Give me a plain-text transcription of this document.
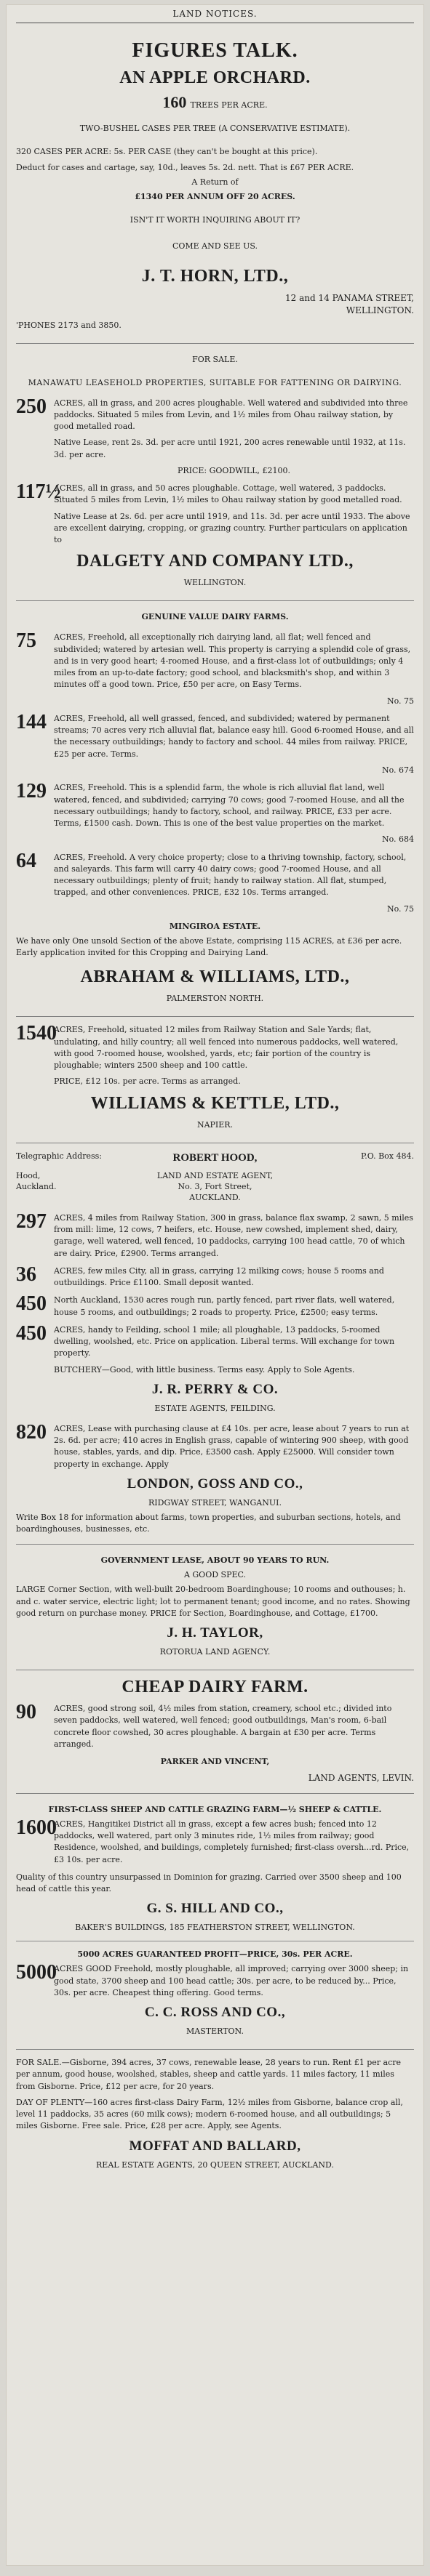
LAND NOTICES.
FIGURES TALK.
AN APPLE ORCHARD.
160 TREES PER ACRE.
TWO-BUSHEL CASES PER TREE (A CONSERVATIVE ESTIMATE).

320 CASES PER ACRE: 5s. PER CASE (they can't be bought at this price).

Deduct for cases and cartage, say, 10d., leaves 5s. 2d. nett. That is £67 PER ACRE.

A Return of
£1340 PER ANNUM OFF 20 ACRES.
ISN'T IT WORTH INQUIRING ABOUT IT?
COME AND SEE US.
J. T. HORN, LTD.,
12 and 14 PANAMA STREET,
WELLINGTON.
'PHONES 2173 and 3850.
FOR SALE.
MANAWATU LEASEHOLD PROPERTIES, SUITABLE FOR FATTENING OR DAIRYING.
250 ACRES, all in grass, and 200 acres ploughable. Well watered and subdivided into three paddocks. Situated 5 miles from Levin, and 1½ miles from Ohau railway station, by good metalled road.

Native Lease, rent 2s. 3d. per acre until 1921, 200 acres renewable until 1932, at 11s. 3d. per acre.

PRICE: GOODWILL, £2100.

117½

ACRES, all in grass, and 50 acres ploughable. Cottage, well watered, 3 paddocks. Situated 5 miles from Levin, 1½ miles to Ohau railway station by good metalled road.

Native Lease at 2s. 6d. per acre until 1919, and 11s. 3d. per acre until 1933. The above are excellent dairying, cropping, or grazing country. Further particulars on application to

DALGETY AND COMPANY LTD.,
WELLINGTON.
GENUINE VALUE DAIRY FARMS.
75	ACRES, Freehold, all exceptionally rich dairying land, all flat; well fenced and subdivided; watered by artesian well. This property is carrying a splendid cole of grass, and is in very good heart; 4-roomed House, and a first-class lot of outbuildings; only 4 miles from an up-to-date factory; good school, and blacksmith's shop, and within 3 minutes off a good town. Price, £50 per acre, on Easy Terms.

No. 75

144 ACRES, Freehold, all well grassed, fenced, and subdivided; watered by permanent streams; 70 acres very rich alluvial flat, balance easy hill. Good 6-roomed House, and all the necessary outbuildings; handy to factory and school. 44 miles from railway. PRICE, £25 per acre. Terms.

No. 674

129 ACRES, Freehold. This is a splendid farm, the whole is rich alluvial flat land, well watered, fenced, and subdivided; carrying 70 cows; good 7-roomed House, and all the necessary outbuildings; handy to factory, school, and railway. PRICE, £33 per acre. Terms, £1500 cash. Down. This is one of the best value properties on the market.

No. 684

64	ACRES, Freehold. A very choice property; close to a thriving township, factory, school, and saleyards. This farm will carry 40 dairy cows; good 7-roomed House, and all necessary outbuildings; plenty of fruit; handy to railway station. All flat, stumped, trapped, and other conveniences. PRICE, £32 10s. Terms arranged.

No. 75

MINGIROA ESTATE.

We have only One unsold Section of the above Estate, comprising 115 ACRES, at £36 per acre. Early application invited for this Cropping and Dairying Land.

ABRAHAM & WILLIAMS, LTD.,
PALMERSTON NORTH.
1540

ACRES, Freehold, situated 12 miles from Railway Station and Sale Yards; flat, undulating, and hilly country; all well fenced into numerous paddocks, well watered, with good 7-roomed house, woolshed, yards, etc; fair portion of the country is ploughable; winters 2500 sheep and 100 cattle.

PRICE, £12 10s. per acre. Terms as arranged.

WILLIAMS & KETTLE, LTD.,
NAPIER.
Telegraphic Address:
Hood,
Auckland.
ROBERT HOOD,
LAND AND ESTATE AGENT,
No. 3, Fort Street,
AUCKLAND.
P.O. Box 484.
297 ACRES, 4 miles from Railway Station, 300 in grass, balance flax swamp, 2 sawn, 5 miles from mill: lime, 12 cows, 7 heifers, etc. House, new cowshed, implement shed, dairy, garage, well watered, well fenced, 10 paddocks, carrying 100 head cattle, 70 of which are dairy. Price, £2900. Terms arranged.

36	ACRES, few miles City, all in grass, carrying 12 milking cows; house 5 rooms and outbuildings. Price £1100. Small deposit wanted.

450 North Auckland, 1530 acres rough run, partly fenced, part river flats, well watered, house 5 rooms, and outbuildings; 2 roads to property. Price, £2500; easy terms.

450 ACRES, handy to Feilding, school 1 mile; all ploughable, 13 paddocks, 5-roomed dwelling, woolshed, etc. Price on application. Liberal terms. Will exchange for town property.

BUTCHERY—Good, with little business. Terms easy. Apply to Sole Agents.

J. R. PERRY & CO.
ESTATE AGENTS, FEILDING.
820 ACRES, Lease with purchasing clause at £4 10s. per acre, lease about 7 years to run at 2s. 6d. per acre; 410 acres in English grass, capable of wintering 900 sheep, with good house, stables, yards, and dip. Price, £3500 cash. Apply £25000. Will consider town property in exchange. Apply

LONDON, GOSS AND CO.,
RIDGWAY STREET, WANGANUI.

Write Box 18 for information about farms, town properties, and suburban sections, hotels, and boardinghouses, businesses, etc.

GOVERNMENT LEASE, ABOUT 90 YEARS TO RUN.
A GOOD SPEC.

LARGE Corner Section, with well-built 20-bedroom Boardinghouse; 10 rooms and outhouses; h. and c. water service, electric light; lot to permanent tenant; good income, and no rates. Showing good return on purchase money. PRICE for Section, Boardinghouse, and Cottage, £1700.

J. H. TAYLOR,
ROTORUA LAND AGENCY.
CHEAP DAIRY FARM.
90	ACRES, good strong soil, 4½ miles from station, creamery, school etc.; divided into seven paddocks, well watered, well fenced; good outbuildings, Man's room, 6-bail concrete floor cowshed, 30 acres ploughable. A bargain at £30 per acre. Terms arranged.

PARKER AND VINCENT,
LAND AGENTS, LEVIN.
FIRST-CLASS SHEEP AND CATTLE GRAZING FARM—½ SHEEP & CATTLE.
1600

ACRES, Hangitikei District all in grass, except a few acres bush; fenced into 12 paddocks, well watered, part only 3 minutes ride, 1½ miles from railway; good Residence, woolshed, and buildings, completely furnished; first-class oversh...rd. Price, £3 10s. per acre.

Quality of this country unsurpassed in Dominion for grazing. Carried over 3500 sheep and 100 head of cattle this year.

G. S. HILL AND CO.,
BAKER'S BUILDINGS, 185 FEATHERSTON STREET, WELLINGTON.
5000 ACRES GUARANTEED PROFIT—PRICE, 30s. PER ACRE.
5000

ACRES GOOD Freehold, mostly ploughable, all improved; carrying over 3000 sheep; in good state, 3700 sheep and 100 head cattle; 30s. per acre, to be reduced by... Price, 30s. per acre. Cheapest thing offering. Good terms.

C. C. ROSS AND CO.,
MASTERTON.

FOR SALE.—Gisborne, 394 acres, 37 cows, renewable lease, 28 years to run. Rent £1 per acre per annum, good house, woolshed, stables, sheep and cattle yards. 11 miles factory, 11 miles from Gisborne. Price, £12 per acre, for 20 years.

DAY OF PLENTY—160 acres first-class Dairy Farm, 12½ miles from Gisborne, balance crop all, level 11 paddocks, 35 acres (60 milk cows); modern 6-roomed house, and all outbuildings; 5 miles Gisborne. Free sale. Price, £28 per acre. Apply, see Agents.

MOFFAT AND BALLARD,
REAL ESTATE AGENTS, 20 QUEEN STREET, AUCKLAND.
